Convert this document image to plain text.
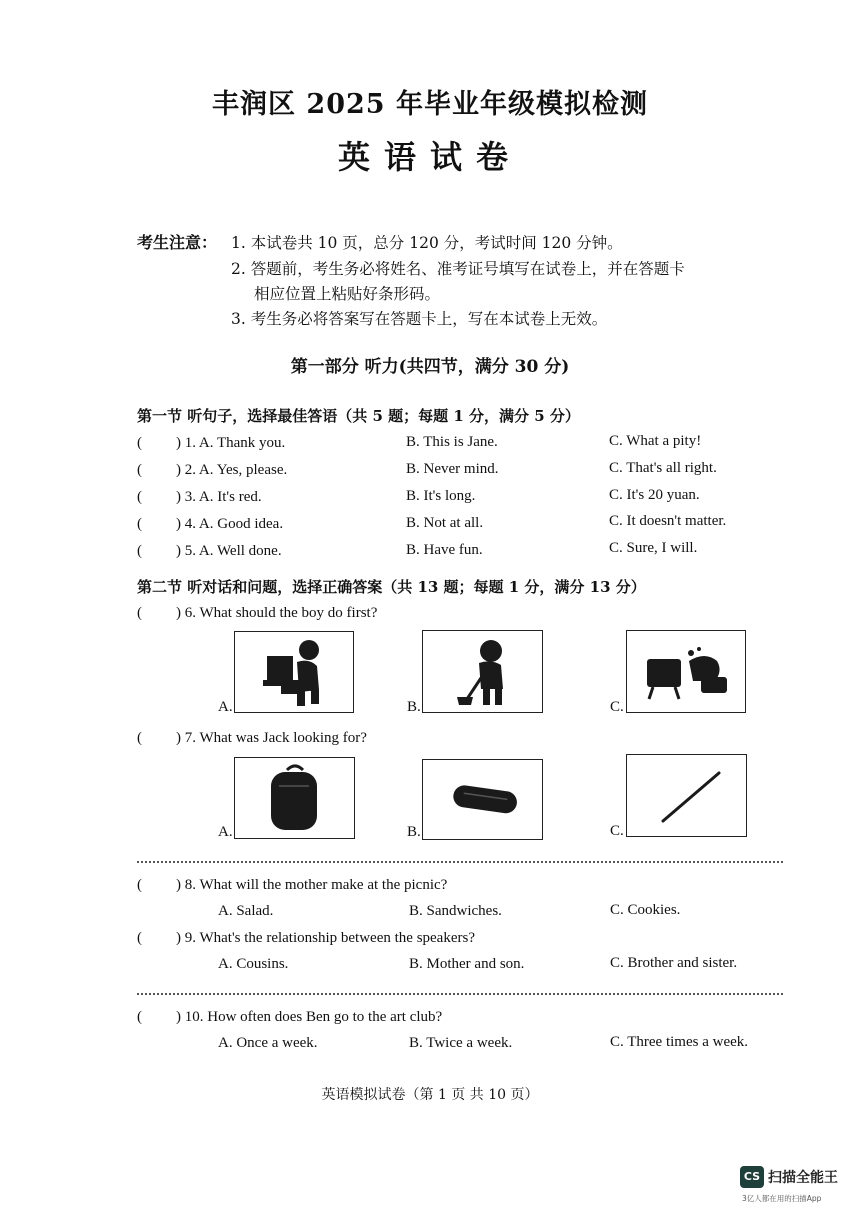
丰润区 2025 年毕业年级模拟检测
英语试卷
考生注意： 1. 本试卷共 10 页，总分 120 分，考试时间 120 分钟。
2. 答题前，考生务必将姓名、准考证号填写在试卷上，并在答题卡
相应位置上粘贴好条形码。
3. 考生务必将答案写在答题卡上，写在本试卷上无效。
第一部分 听力(共四节，满分 30 分)
第一节 听句子，选择最佳答语（共 5 题；每题 1 分，满分 5 分）
( ) 1. A. Thank you.	B. This is Jane.	C. What a pity!
( ) 2. A. Yes, please.	B. Never mind.	C. That's all right.
( ) 3. A. It's red.	B. It's long.	C. It's 20 yuan.
( ) 4. A. Good idea.	B. Not at all.	C. It doesn't matter.
( ) 5. A. Well done.	B. Have fun.	C. Sure, I will.
第二节 听对话和问题，选择正确答案（共 13 题；每题 1 分，满分 13 分）
( ) 6. What should the boy do first?
A.	B.	C.
( ) 7. What was Jack looking for?
A.	B.	C.
( ) 8. What will the mother make at the picnic?
A. Salad.	B. Sandwiches.	C. Cookies.
( ) 9. What's the relationship between the speakers?
A. Cousins.	B. Mother and son.	C. Brother and sister.
( ) 10. How often does Ben go to the art club?
A. Once a week.	B. Twice a week.	C. Three times a week.
英语模拟试卷（第 1 页 共 10 页）
CS 扫描全能王
3亿人都在用的扫描App
